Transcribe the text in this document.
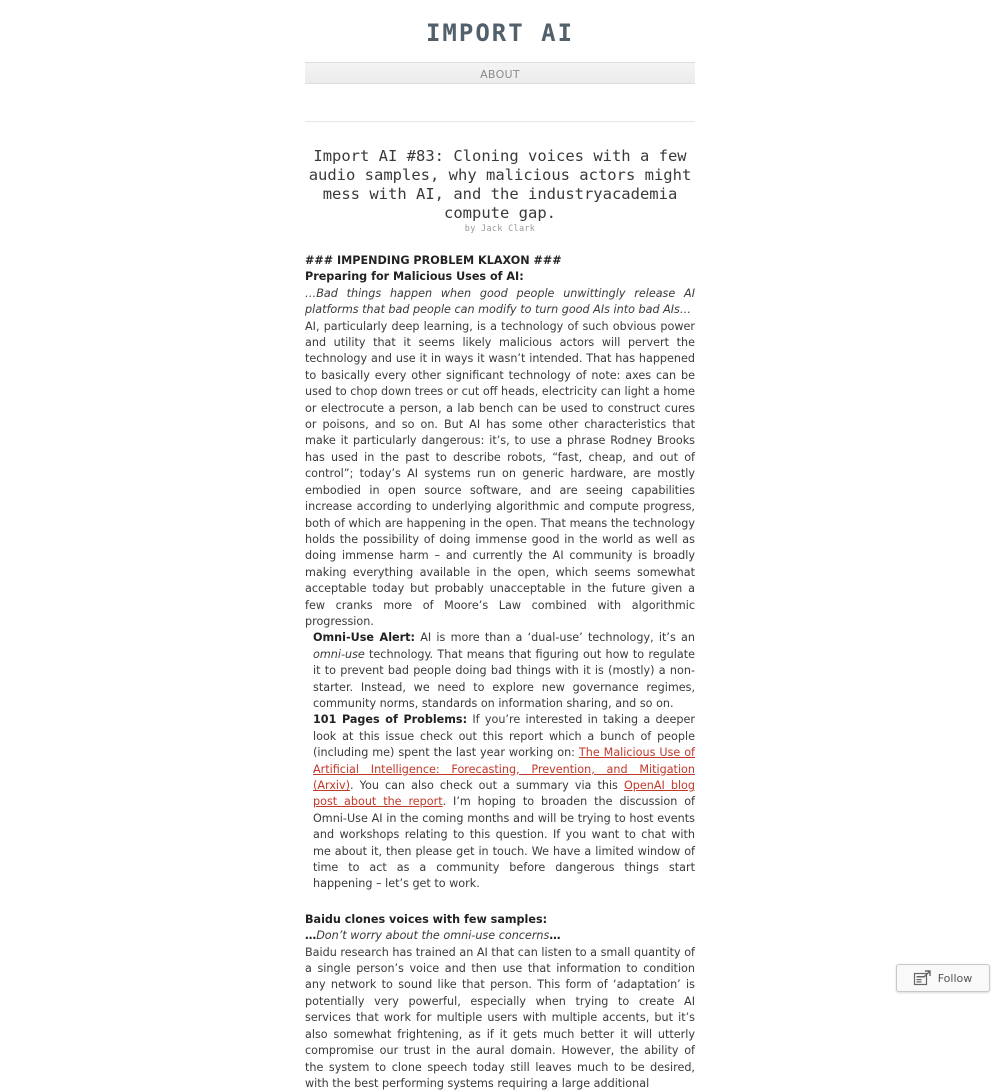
IMPORT AI
ABOUT
Import AI #83: Cloning voices with a few audio samples, why malicious actors might mess with AI, and the industryacademia compute gap.
by Jack Clark

### IMPENDING PROBLEM KLAXON ###

Preparing for Malicious Uses of AI:

…Bad things happen when good people unwittingly release AI platforms that bad people can modify to turn good AIs into bad AIs…

AI, particularly deep learning, is a technology of such obvious power and utility that it seems likely malicious actors will pervert the technology and use it in ways it wasn’t intended. That has happened to basically every other significant technology of note: axes can be used to chop down trees or cut off heads, electricity can light a home or electrocute a person, a lab bench can be used to construct cures or poisons, and so on. But AI has some other characteristics that make it particularly dangerous: it’s, to use a phrase Rodney Brooks has used in the past to describe robots, “fast, cheap, and out of control”; today’s AI systems run on generic hardware, are mostly embodied in open source software, and are seeing capabilities increase according to underlying algorithmic and compute progress, both of which are happening in the open. That means the technology holds the possibility of doing immense good in the world as well as doing immense harm – and currently the AI community is broadly making everything available in the open, which seems somewhat acceptable today but probably unacceptable in the future given a few cranks more of Moore’s Law combined with algorithmic progression.

Omni-Use Alert: AI is more than a ‘dual-use’ technology, it’s an omni-use technology. That means that figuring out how to regulate it to prevent bad people doing bad things with it is (mostly) a non-starter. Instead, we need to explore new governance regimes, community norms, standards on information sharing, and so on.

101 Pages of Problems: If you’re interested in taking a deeper look at this issue check out this report which a bunch of people (including me) spent the last year working on: The Malicious Use of Artificial Intelligence: Forecasting, Prevention, and Mitigation (Arxiv). You can also check out a summary via this OpenAI blog post about the report. I’m hoping to broaden the discussion of Omni-Use AI in the coming months and will be trying to host events and workshops relating to this question. If you want to chat with me about it, then please get in touch. We have a limited window of time to act as a community before dangerous things start happening – let’s get to work.

Baidu clones voices with few samples:

…Don’t worry about the omni-use concerns…

Baidu research has trained an AI that can listen to a small quantity of a single person’s voice and then use that information to condition any network to sound like that person. This form of ‘adaptation’ is potentially very powerful, especially when trying to create AI services that work for multiple users with multiple accents, but it’s also somewhat frightening, as if it gets much better it will utterly compromise our trust in the aural domain. However, the ability of the system to clone speech today still leaves much to be desired, with the best performing systems requiring a large additional

Follow
